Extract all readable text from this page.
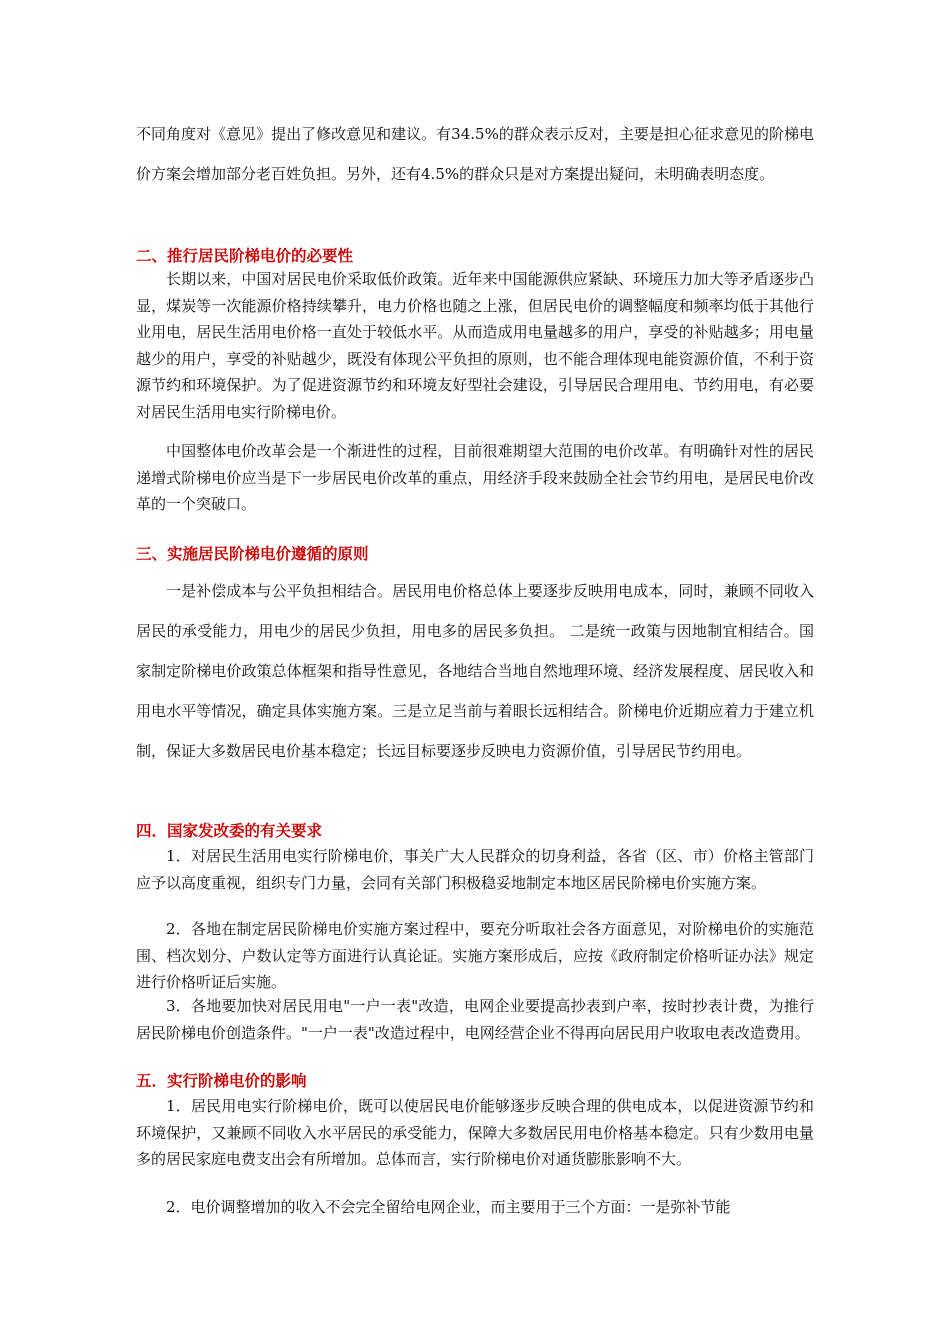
不同角度对《意见》提出了修改意见和建议。有34.5%的群众表示反对，主要是担心征求意见的阶梯电价方案会增加部分老百姓负担。另外，还有4.5%的群众只是对方案提出疑问，未明确表明态度。

二、推行居民阶梯电价的必要性

长期以来，中国对居民电价采取低价政策。近年来中国能源供应紧缺、环境压力加大等矛盾逐步凸显，煤炭等一次能源价格持续攀升，电力价格也随之上涨，但居民电价的调整幅度和频率均低于其他行业用电，居民生活用电价格一直处于较低水平。从而造成用电量越多的用户，享受的补贴越多；用电量越少的用户，享受的补贴越少，既没有体现公平负担的原则，也不能合理体现电能资源价值，不利于资源节约和环境保护。为了促进资源节约和环境友好型社会建设，引导居民合理用电、节约用电，有必要对居民生活用电实行阶梯电价。

中国整体电价改革会是一个渐进性的过程，目前很难期望大范围的电价改革。有明确针对性的居民递增式阶梯电价应当是下一步居民电价改革的重点，用经济手段来鼓励全社会节约用电，是居民电价改革的一个突破口。

三、实施居民阶梯电价遵循的原则

一是补偿成本与公平负担相结合。居民用电价格总体上要逐步反映用电成本，同时，兼顾不同收入居民的承受能力，用电少的居民少负担，用电多的居民多负担。 二是统一政策与因地制宜相结合。国家制定阶梯电价政策总体框架和指导性意见，各地结合当地自然地理环境、经济发展程度、居民收入和用电水平等情况，确定具体实施方案。三是立足当前与着眼长远相结合。阶梯电价近期应着力于建立机制，保证大多数居民电价基本稳定；长远目标要逐步反映电力资源价值，引导居民节约用电。

四．国家发改委的有关要求

1．对居民生活用电实行阶梯电价，事关广大人民群众的切身利益，各省（区、市）价格主管部门应予以高度重视，组织专门力量，会同有关部门积极稳妥地制定本地区居民阶梯电价实施方案。

2．各地在制定居民阶梯电价实施方案过程中，要充分听取社会各方面意见，对阶梯电价的实施范围、档次划分、户数认定等方面进行认真论证。实施方案形成后，应按《政府制定价格听证办法》规定进行价格听证后实施。

3．各地要加快对居民用电"一户一表"改造，电网企业要提高抄表到户率，按时抄表计费，为推行居民阶梯电价创造条件。"一户一表"改造过程中，电网经营企业不得再向居民用户收取电表改造费用。

五．实行阶梯电价的影响

1．居民用电实行阶梯电价，既可以使居民电价能够逐步反映合理的供电成本，以促进资源节约和环境保护，又兼顾不同收入水平居民的承受能力，保障大多数居民用电价格基本稳定。只有少数用电量多的居民家庭电费支出会有所增加。总体而言，实行阶梯电价对通货膨胀影响不大。

2．电价调整增加的收入不会完全留给电网企业，而主要用于三个方面：一是弥补节能
